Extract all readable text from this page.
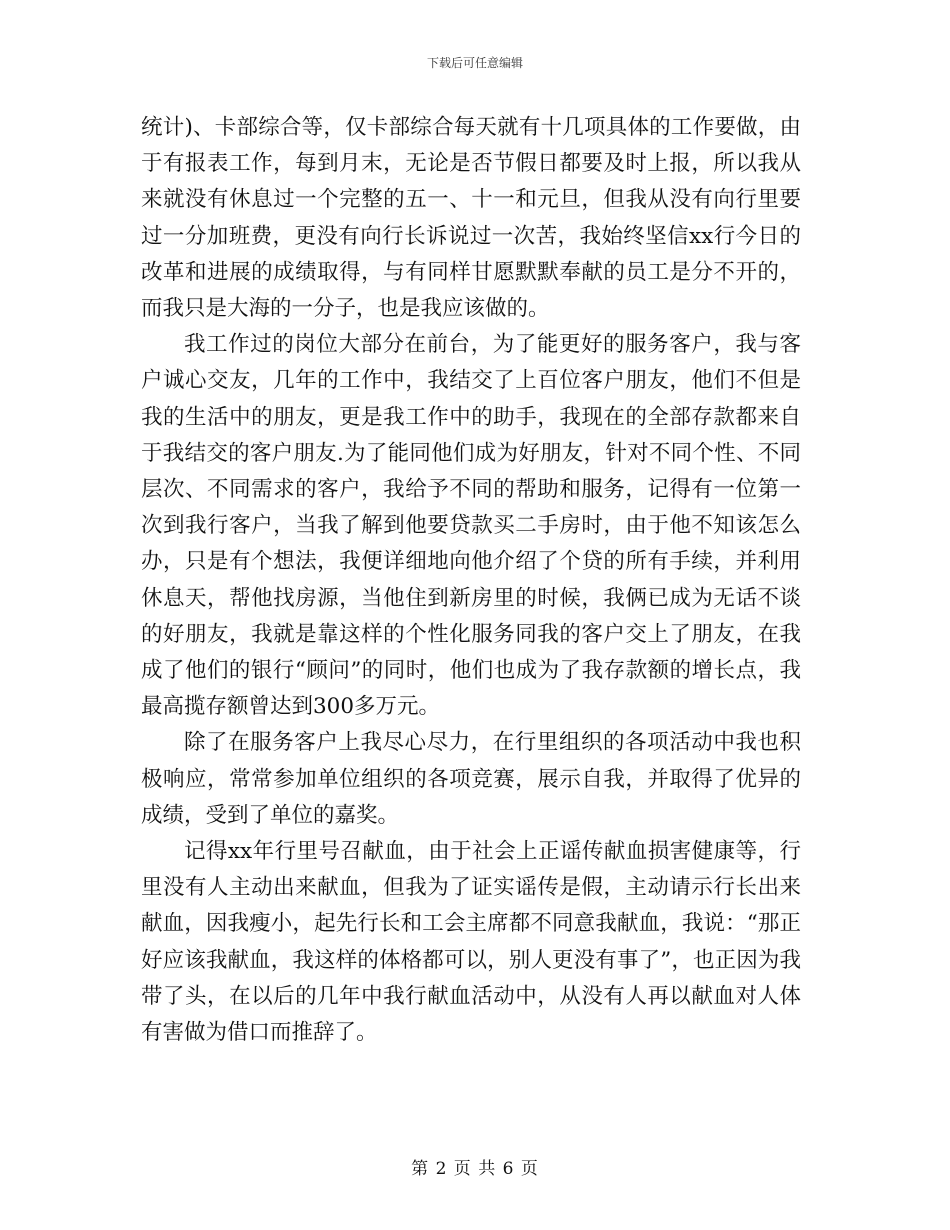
下载后可任意编辑

统计)、卡部综合等，仅卡部综合每天就有十几项具体的工作要做，由于有报表工作，每到月末，无论是否节假日都要及时上报，所以我从来就没有休息过一个完整的五一、十一和元旦，但我从没有向行里要过一分加班费，更没有向行长诉说过一次苦，我始终坚信xx行今日的改革和进展的成绩取得，与有同样甘愿默默奉献的员工是分不开的，而我只是大海的一分子，也是我应该做的。

我工作过的岗位大部分在前台，为了能更好的服务客户，我与客户诚心交友，几年的工作中，我结交了上百位客户朋友，他们不但是我的生活中的朋友，更是我工作中的助手，我现在的全部存款都来自于我结交的客户朋友.为了能同他们成为好朋友，针对不同个性、不同层次、不同需求的客户，我给予不同的帮助和服务，记得有一位第一次到我行客户，当我了解到他要贷款买二手房时，由于他不知该怎么办，只是有个想法，我便详细地向他介绍了个贷的所有手续，并利用休息天，帮他找房源，当他住到新房里的时候，我俩已成为无话不谈的好朋友，我就是靠这样的个性化服务同我的客户交上了朋友，在我成了他们的银行“顾问”的同时，他们也成为了我存款额的增长点，我最高揽存额曾达到300多万元。

除了在服务客户上我尽心尽力，在行里组织的各项活动中我也积极响应，常常参加单位组织的各项竞赛，展示自我，并取得了优异的成绩，受到了单位的嘉奖。

记得xx年行里号召献血，由于社会上正谣传献血损害健康等，行里没有人主动出来献血，但我为了证实谣传是假，主动请示行长出来献血，因我瘦小，起先行长和工会主席都不同意我献血，我说：“那正好应该我献血，我这样的体格都可以，别人更没有事了”，也正因为我带了头，在以后的几年中我行献血活动中，从没有人再以献血对人体有害做为借口而推辞了。

第 2 页 共 6 页
